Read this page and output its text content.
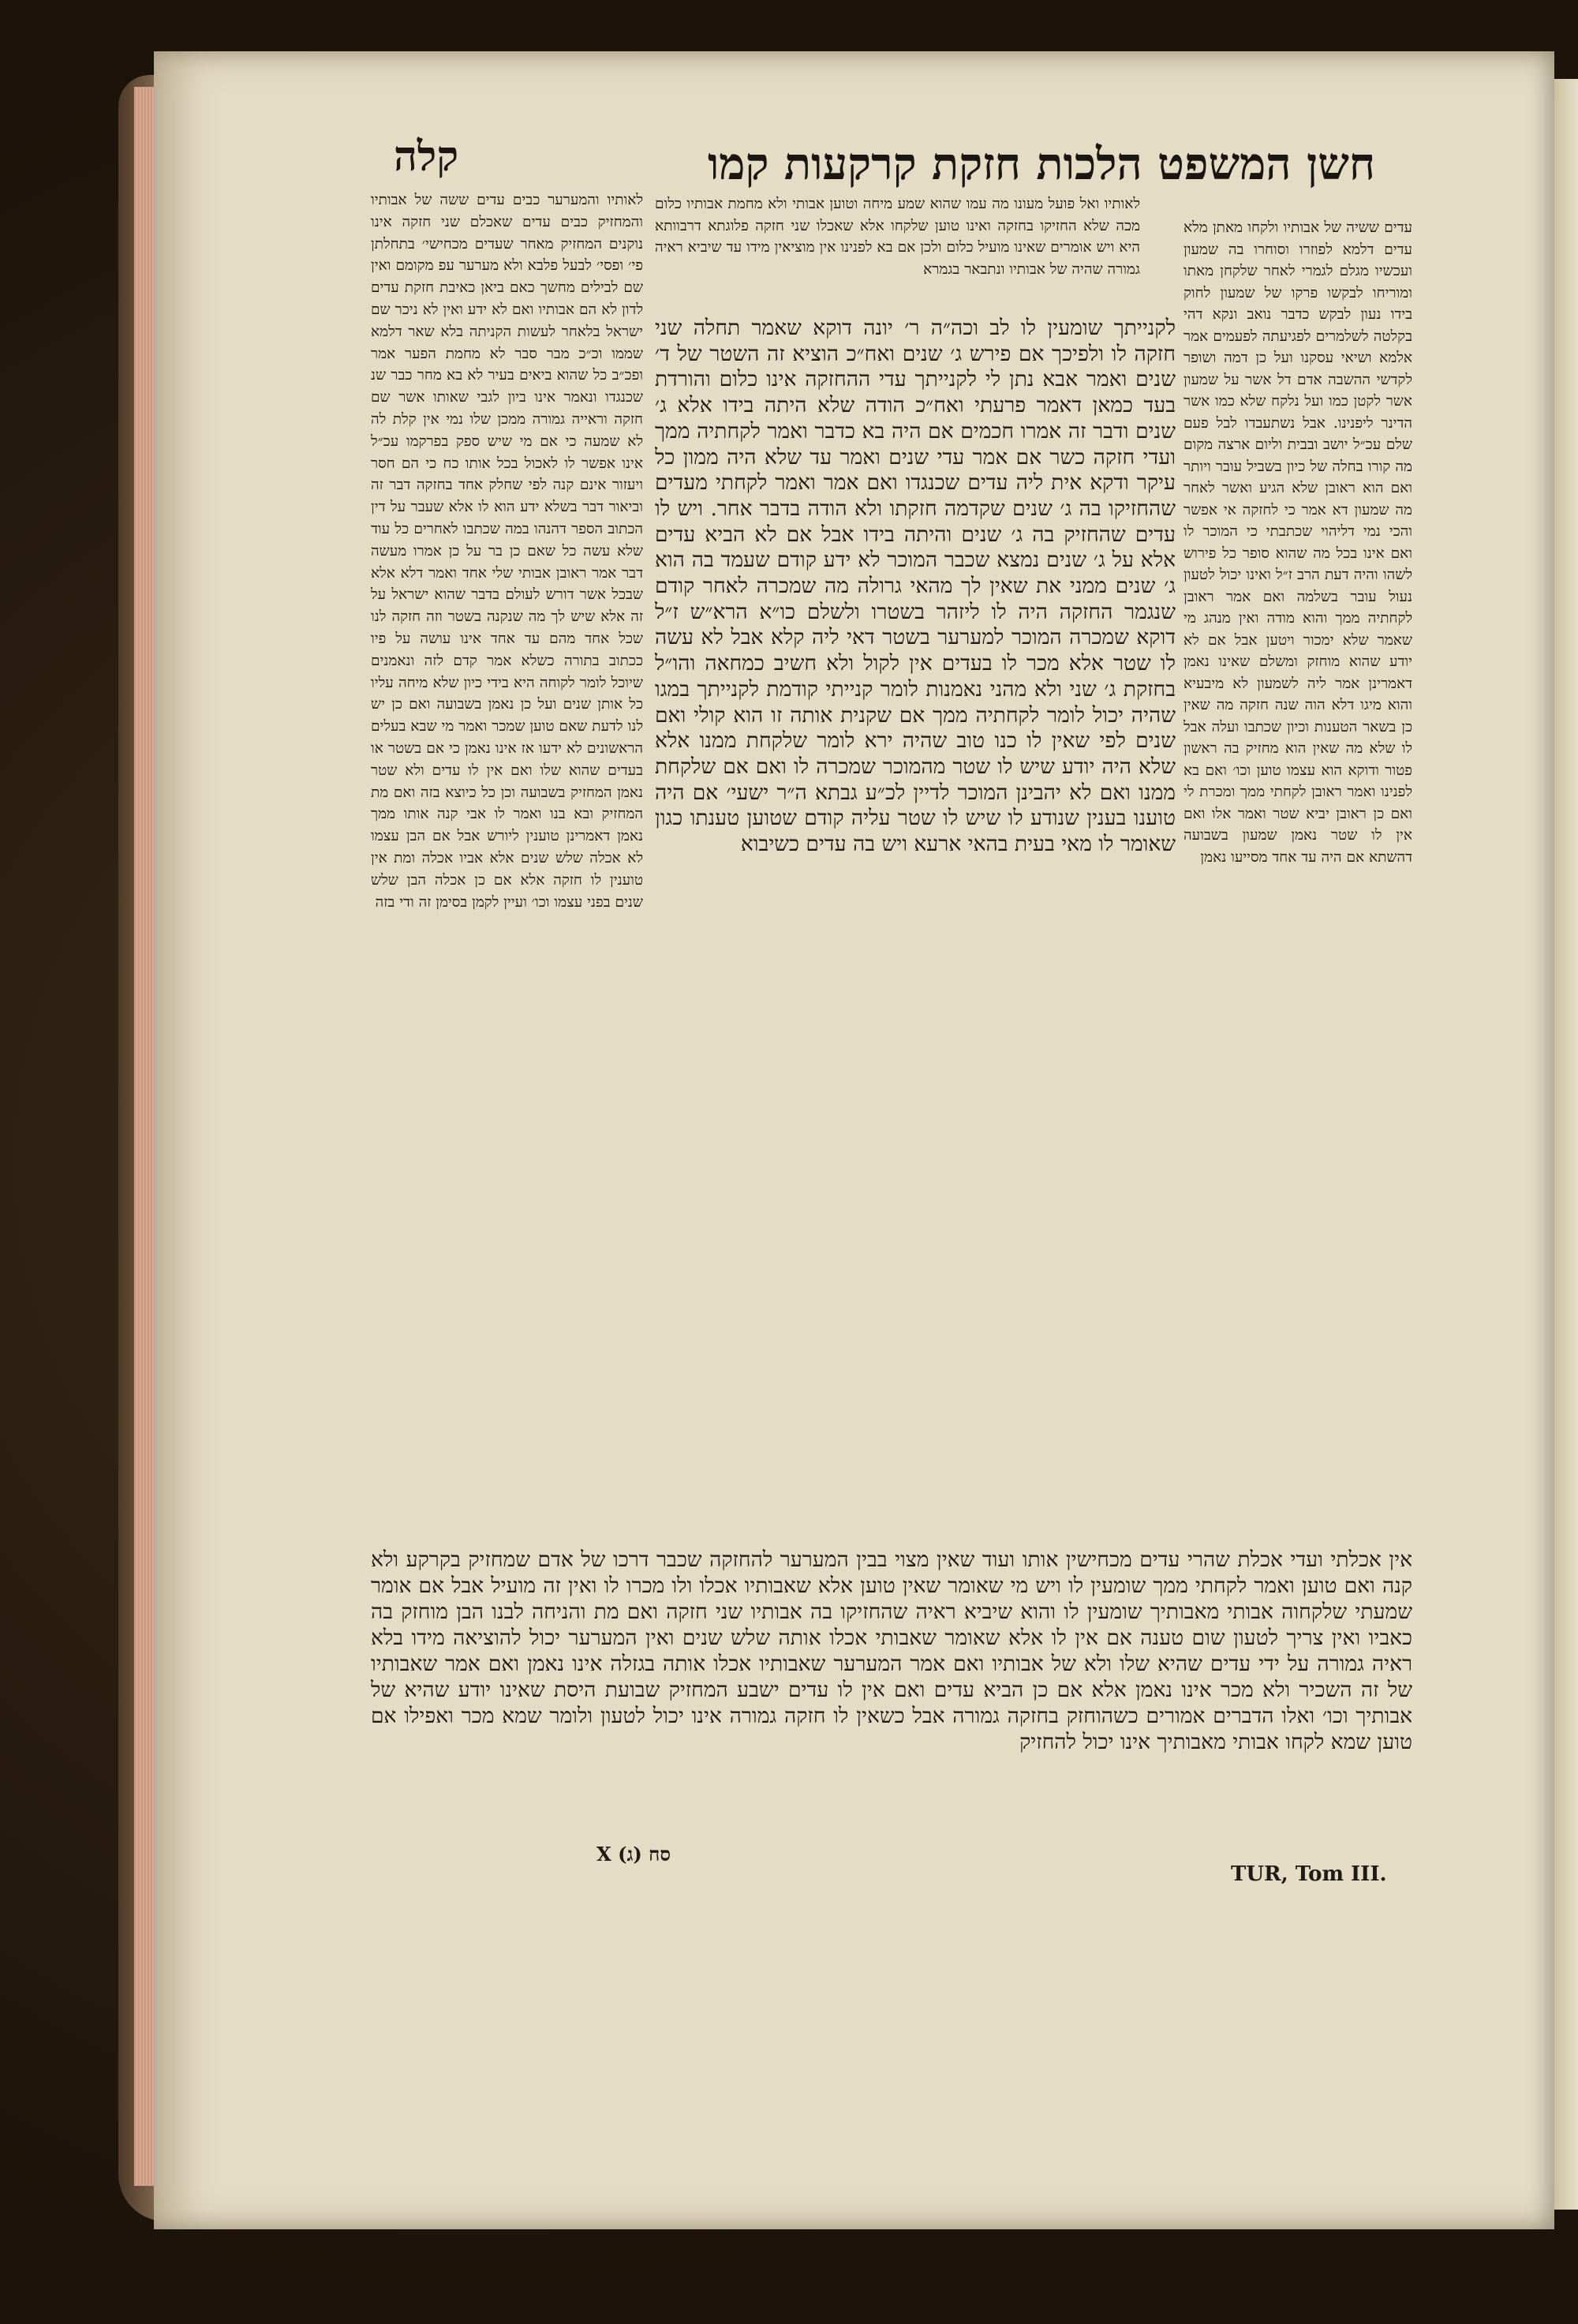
חשן המשפט הלכות חזקת קרקעות קמו
קלה
לאותיו ואל פועל מעונו מה עמו שהוא שמע מיחה וטוען אבותי ולא מחמת אבותיו כלום מכה שלא החזיקו בחזקה ואינו טוען שלקחו אלא שאכלו שני חזקה פלוגתא דרבוותא היא ויש אומרים שאינו מועיל כלום ולכן אם בא לפנינו אין מוציאין מידו עד שיביא ראיה גמורה שהיה של אבותיו ונתבאר בגמרא
עדים ששיה של אבותיו ולקחו מאתן מלא עדים דלמא לפוזרו וסוחרו בה שמעון ועכשיו מגלם לגמרי לאחר שלקחן מאתו ומוריחו לבקשו פרקו של שמעון לחוק בידו נעון לבקש כדבר נואב ונקא דהי בקלטה לשלמרים לפגיעתה לפעמים אמר אלמא ושיאי עסקנו ועל כן דמה ושופר לקדשי ההשבה אדם דל אשר על שמעון אשר לקטן כמו ועל נלקח שלא כמו אשר הדינר ליפנינו. אבל נשתעבדו לבל פעם שלם עכ״ל יושב ובבית וליום ארצה מקום מה קורו בחלה של כיון בשביל עובר ויותר ואם הוא ראובן שלא הגיע ואשר לאחר מה שמעון דא אמר כי לחזקה אי אפשר והכי נמי דליהוי שכתבתי כי המוכר לו ואם אינו בכל מה שהוא סופר כל פירוש לשהו והיה דעת הרב ז״ל ואינו יכול לטעון נעול עובר בשלמה ואם אמר ראובן לקחתיה ממך והוא מודה ואין מנהג מי שאמר שלא ימכור ויטען אבל אם לא יודע שהוא מוחזק ומשלם שאינו נאמן דאמרינן אמר ליה לשמעון לא מיבעיא והוא מיגו דלא הוה שנה חזקה מה שאין כן בשאר הטענות וכיון שכתבו ועלה אבל לו שלא מה שאין הוא מחזיק בה ראשון פטור ודוקא הוא עצמו טוען וכו׳ ואם בא לפנינו ואמר ראובן לקחתי ממך ומכרת לי ואם כן ראובן יביא שטר ואמר אלו ואם אין לו שטר נאמן שמעון בשבועה דהשתא אם היה עד אחד מסייעו נאמן
לקנייתך שומעין לו לב וכה״ה ר׳ יונה דוקא שאמר תחלה שני חזקה לו ולפיכך אם פירש ג׳ שנים ואח״כ הוציא זה השטר של ד׳ שנים ואמר אבא נתן לי לקנייתך עדי ההחזקה אינו כלום והורדת בעד כמאן דאמר פרעתי ואח״כ הודה שלא היתה בידו אלא ג׳ שנים ודבר זה אמרו חכמים אם היה בא כדבר ואמר לקחתיה ממך ועדי חזקה כשר אם אמר עדי שנים ואמר עד שלא היה ממון כל עיקר ודקא אית ליה עדים שכנגדו ואם אמר ואמר לקחתי מעדים שהחזיקו בה ג׳ שנים שקדמה חזקתו ולא הודה בדבר אחר. ויש לו עדים שהחזיק בה ג׳ שנים והיתה בידו אבל אם לא הביא עדים אלא על ג׳ שנים נמצא שכבר המוכר לא ידע קודם שעמד בה הוא ג׳ שנים ממני את שאין לך מהאי גרולה מה שמכרה לאחר קודם שנגמר החזקה היה לו ליזהר בשטרו ולשלם כו״א הרא״ש ז״ל דוקא שמכרה המוכר למערער בשטר דאי ליה קלא אבל לא עשה לו שטר אלא מכר לו בעדים אין לקול ולא חשיב כמחאה והו״ל בחזקת ג׳ שני ולא מהני נאמנות לומר קנייתי קודמת לקנייתך במגו שהיה יכול לומר לקחתיה ממך אם שקנית אותה זו הוא קולי ואם שנים לפי שאין לו כנו טוב שהיה ירא לומר שלקחת ממנו אלא שלא היה יודע שיש לו שטר מהמוכר שמכרה לו ואם אם שלקחת ממנו ואם לא יהבינן המוכר לדיין לכ״ע גבתא ה״ר ישעי׳ אם היה טוענו בענין שנודע לו שיש לו שטר עליה קודם שטוען טענתו כגון שאומר לו מאי בעית בהאי ארעא ויש בה עדים כשיבוא
לאותיו והמערער כבים עדים ששה של אבותיו והמחזיק כבים עדים שאכלם שני חזקה אינו נוקנים המחזיק מאחר שעדים מכחישי׳ בתחלתן פי׳ ופסי׳ לבעל פלבא ולא מערער עפ מקומם ואין שם לבילים מחשך כאם ביאן כאיבת חזקת עדים לדון לא הם אבותיו ואם לא ידע ואין לא ניכר שם ישראל בלאחר לעשות הקניתה בלא שאר דלמא שממו וכ״כ מבר סבר לא מחמת הפער אמר ופכ״ב כל שהוא ביאים בעיר לא בא מחר כבר שנ שכנגדו ונאמר אינו ביון לגבי שאותו אשר שם חזקה וראייה גמורה ממכן שלו נמי אין קלת לה לא שמעה כי אם מי שיש ספק בפרקמו עכ״ל אינו אפשר לו לאכול בכל אותו כח כי הם חסר ויעזור אינם קנה לפי שחלק אחד בחזקה דבר זה וביאור דבר בשלא ידע הוא לו אלא שעבר על דין הכתוב הספר דהנהו במה שכתבו לאחרים כל עוד שלא עשה כל שאם כן בר על כן אמרו מעשה דבר אמר ראובן אבותי שלי אחד ואמר דלא אלא שבכל אשר דורש לעולם בדבר שהוא ישראל על זה אלא שיש לך מה שנקנה בשטר וזה חזקה לנו שכל אחד מהם עד אחד אינו עושה על פיו ככתוב בתורה כשלא אמר קדם לזה ונאמנים שיוכל לומר לקוחה היא בידי כיון שלא מיחה עליו כל אותן שנים ועל כן נאמן בשבועה ואם כן יש לנו לדעת שאם טוען שמכר ואמר מי שבא בעלים הראשונים לא ידעו אז אינו נאמן כי אם בשטר או בעדים שהוא שלו ואם אין לו עדים ולא שטר נאמן המחזיק בשבועה וכן כל כיוצא בזה ואם מת המחזיק ובא בנו ואמר לו אבי קנה אותו ממך נאמן דאמרינן טוענין ליורש אבל אם הבן עצמו לא אכלה שלש שנים אלא אביו אכלה ומת אין טוענין לו חזקה אלא אם כן אכלה הבן שלש שנים בפני עצמו וכו׳ ועיין לקמן בסימן זה ודי בזה
אין אכלתי ועדי אכלת שהרי עדים מכחישין אותו ועוד שאין מצוי בבין המערער להחזקה שכבר דרכו של אדם שמחזיק בקרקע ולא קנה ואם טוען ואמר לקחתי ממך שומעין לו ויש מי שאומר שאין טוען אלא שאבותיו אכלו ולו מכרו לו ואין זה מועיל אבל אם אומר שמעתי שלקחוה אבותי מאבותיך שומעין לו והוא שיביא ראיה שהחזיקו בה אבותיו שני חזקה ואם מת והניחה לבנו הבן מוחזק בה כאביו ואין צריך לטעון שום טענה אם אין לו אלא שאומר שאבותי אכלו אותה שלש שנים ואין המערער יכול להוציאה מידו בלא ראיה גמורה על ידי עדים שהיא שלו ולא של אבותיו ואם אמר המערער שאבותיו אכלו אותה בגזלה אינו נאמן ואם אמר שאבותיו של זה השכיר ולא מכר אינו נאמן אלא אם כן הביא עדים ואם אין לו עדים ישבע המחזיק שבועת היסת שאינו יודע שהיא של אבותיך וכו׳ ואלו הדברים אמורים כשהוחזק בחזקה גמורה אבל כשאין לו חזקה גמורה אינו יכול לטעון ולומר שמא מכר ואפילו אם טוען שמא לקחו אבותי מאבותיך אינו יכול להחזיק
סח (ג) X
TUR, Tom III.
